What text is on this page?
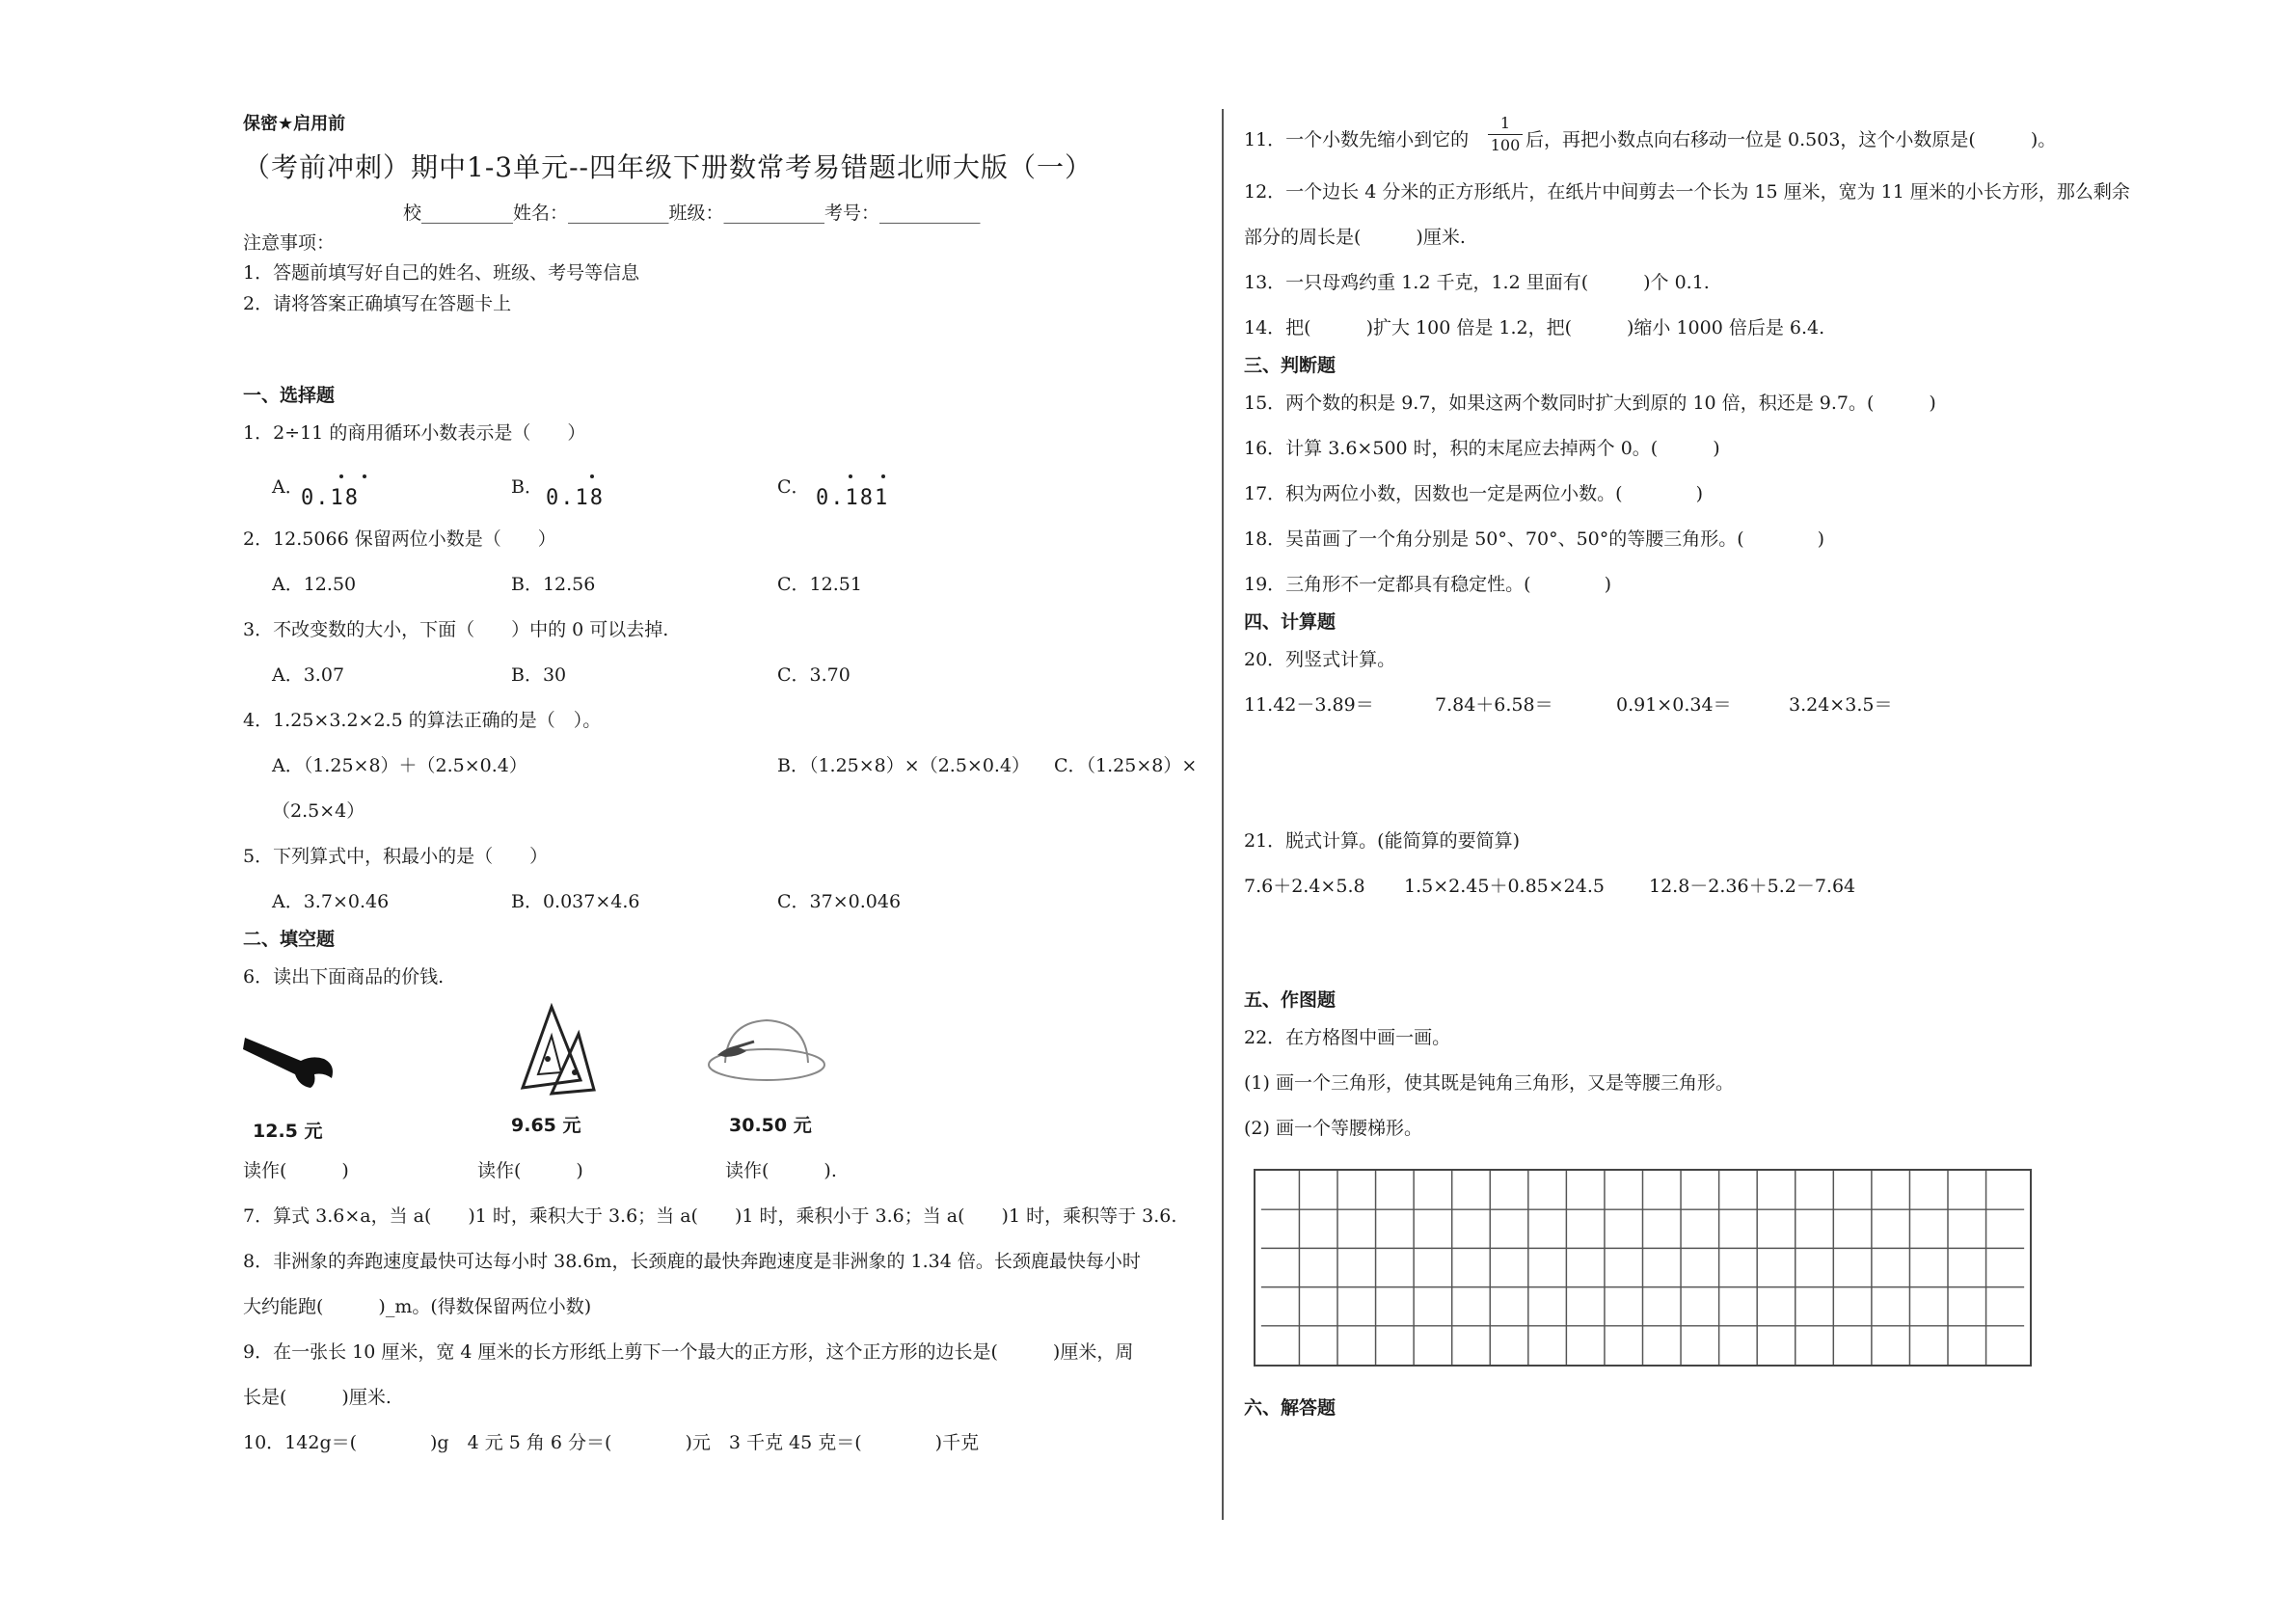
保密★启用前
（考前冲刺）期中1-3单元--四年级下册数常考易错题北师大版（一）
校__________姓名：___________班级：___________考号：___________
注意事项：
1．答题前填写好自己的姓名、班级、考号等信息
2．请将答案正确填写在答题卡上
一、选择题
1．2÷11 的商用循环小数表示是（　　）
A．
0.18	B． 0.18	C． 0.181
2．12.5066 保留两位小数是（　　）
A．12.50	B．12.56	C．12.51
3．不改变数的大小，下面（　　）中的 0 可以去掉.
A．3.07	B．30	C．3.70
4．1.25×3.2×2.5 的算法正确的是（　）。
A．（1.25×8）＋（2.5×0.4）	B．（1.25×8）×（2.5×0.4） C．（1.25×8）×
（2.5×4）
5．下列算式中，积最小的是（　　）
A．3.7×0.46	B．0.037×4.6	C．37×0.046
二、填空题
6．读出下面商品的价钱.
12.5 元	9.65 元	30.50 元
读作(　　　)	读作(　　　)	读作(　　　).
7．算式 3.6×a，当 a(　　)1 时，乘积大于 3.6；当 a(　　)1 时，乘积小于 3.6；当 a(　　)1 时，乘积等于 3.6.
8．非洲象的奔跑速度最快可达每小时 38.6m，长颈鹿的最快奔跑速度是非洲象的 1.34 倍。长颈鹿最快每小时
大约能跑(　　　)_m。(得数保留两位小数)
9．在一张长 10 厘米，宽 4 厘米的长方形纸上剪下一个最大的正方形，这个正方形的边长是(　　　)厘米，周
长是(　　　)厘米.
10．142g＝(　　　　)g　4 元 5 角 6 分＝(　　　　)元　3 千克 45 克＝(　　　　)千克
11．一个小数先缩小到它的
1
100 后，再把小数点向右移动一位是 0.503，这个小数原是(　　　)。
12．一个边长 4 分米的正方形纸片，在纸片中间剪去一个长为 15 厘米，宽为 11 厘米的小长方形，那么剩余
部分的周长是(　　　)厘米.
13．一只母鸡约重 1.2 千克，1.2 里面有(　　　)个 0.1.
14．把(　　　)扩大 100 倍是 1.2，把(　　　)缩小 1000 倍后是 6.4.
三、判断题
15．两个数的积是 9.7，如果这两个数同时扩大到原的 10 倍，积还是 9.7。(　　　)
16．计算 3.6×500 时，积的末尾应去掉两个 0。(　　　)
17．积为两位小数，因数也一定是两位小数。(　　　　)
18．吴苗画了一个角分别是 50°、70°、50°的等腰三角形。(　　　　)
19．三角形不一定都具有稳定性。(　　　　)
四、计算题
20．列竖式计算。
11.42－3.89＝	7.84＋6.58＝	0.91×0.34＝	3.24×3.5＝
21．脱式计算。(能简算的要简算)
7.6＋2.4×5.8 1.5×2.45＋0.85×24.5 12.8－2.36＋5.2－7.64
五、作图题
22．在方格图中画一画。
(1) 画一个三角形，使其既是钝角三角形，又是等腰三角形。
(2) 画一个等腰梯形。
六、解答题
